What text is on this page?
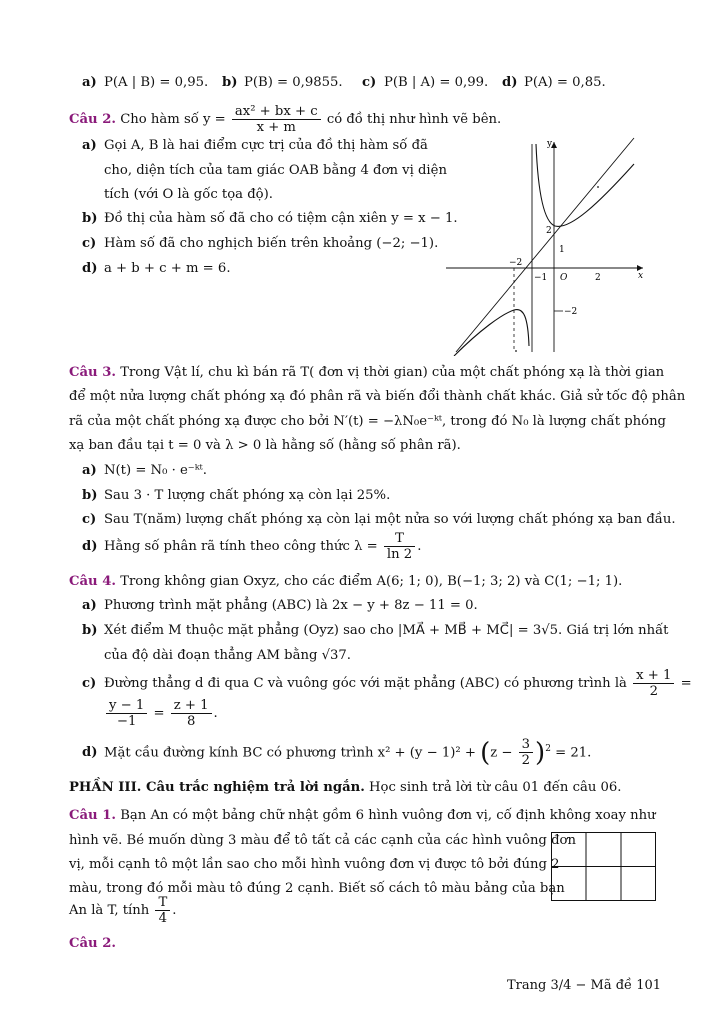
a) P(A | B) = 0,95. b) P(B) = 0,9855. c) P(B | A) = 0,99. d) P(A) = 0,85.
Câu 2. Cho hàm số $y = \frac{\text{ax² + bx + c}}{x + m}$ có đồ thị như hình vẽ bên.
a) Gọi A, B là hai điểm cực trị của đồ thị hàm số đã
cho, diện tích của tam giác OAB bằng 4 đơn vị diện
tích (với O là gốc tọa độ).
b) Đồ thị của hàm số đã cho có tiệm cận xiên y = x − 1.
c) Hàm số đã cho nghịch biến trên khoảng (−2; −1).
d) a + b + c + m = 6.
y
x
O
−2
−1	2
2
1
−2
Câu 3. Trong Vật lí, chu kì bán rã T( đơn vị thời gian) của một chất phóng xạ là thời gian
để một nửa lượng chất phóng xạ đó phân rã và biến đổi thành chất khác. Giả sử tốc độ phân
rã của một chất phóng xạ được cho bởi N′(t) = −λN₀e⁻ᵏᵗ, trong đó N₀ là lượng chất phóng
xạ ban đầu tại t = 0 và λ > 0 là hằng số (hằng số phân rã).
a) N(t) = N₀ · e⁻ᵏᵗ.
b) Sau 3 · T lượng chất phóng xạ còn lại 25%.
c) Sau T(năm) lượng chất phóng xạ còn lại một nửa so với lượng chất phóng xạ ban đầu.
d) Hằng số phân rã tính theo công thức $\lambda = \frac{T}{\ln 2}$ .
Câu 4. Trong không gian Oxyz, cho các điểm A(6; 1; 0), B(−1; 3; 2) và C(1; −1; 1).
a) Phương trình mặt phẳng (ABC) là 2x − y + 8z − 11 = 0.
b) Xét điểm M thuộc mặt phẳng (Oyz) sao cho |MA⃗ + MB⃗ + MC⃗| = 3√5. Giá trị lớn nhất
của độ dài đoạn thẳng AM bằng √37.
c) Đường thẳng d đi qua C và vuông góc với mặt phẳng (ABC) có phương trình là $\frac{x + 1}{2}$ =
$\frac{y - 1}{-1} = \frac{z + 1}{8}$ .
d) Mặt cầu đường kính BC có phương trình $x^2 + (y - 1)^2 + (z - \frac{3}{2} )^2 = 21$.
PHẦN III. Câu trắc nghiệm trả lời ngắn. Học sinh trả lời từ câu 01 đến câu 06.
Câu 1. Bạn An có một bảng chữ nhật gồm 6 hình vuông đơn vị, cố định không xoay như
hình vẽ. Bé muốn dùng 3 màu để tô tất cả các cạnh của các hình vuông đơn
vị, mỗi cạnh tô một lần sao cho mỗi hình vuông đơn vị được tô bởi đúng 2
màu, trong đó mỗi màu tô đúng 2 cạnh. Biết số cách tô màu bảng của bạn
An là T, tính $\frac{T}{4}$ .
Câu 2.
Trang 3/4 − Mã đề 101
